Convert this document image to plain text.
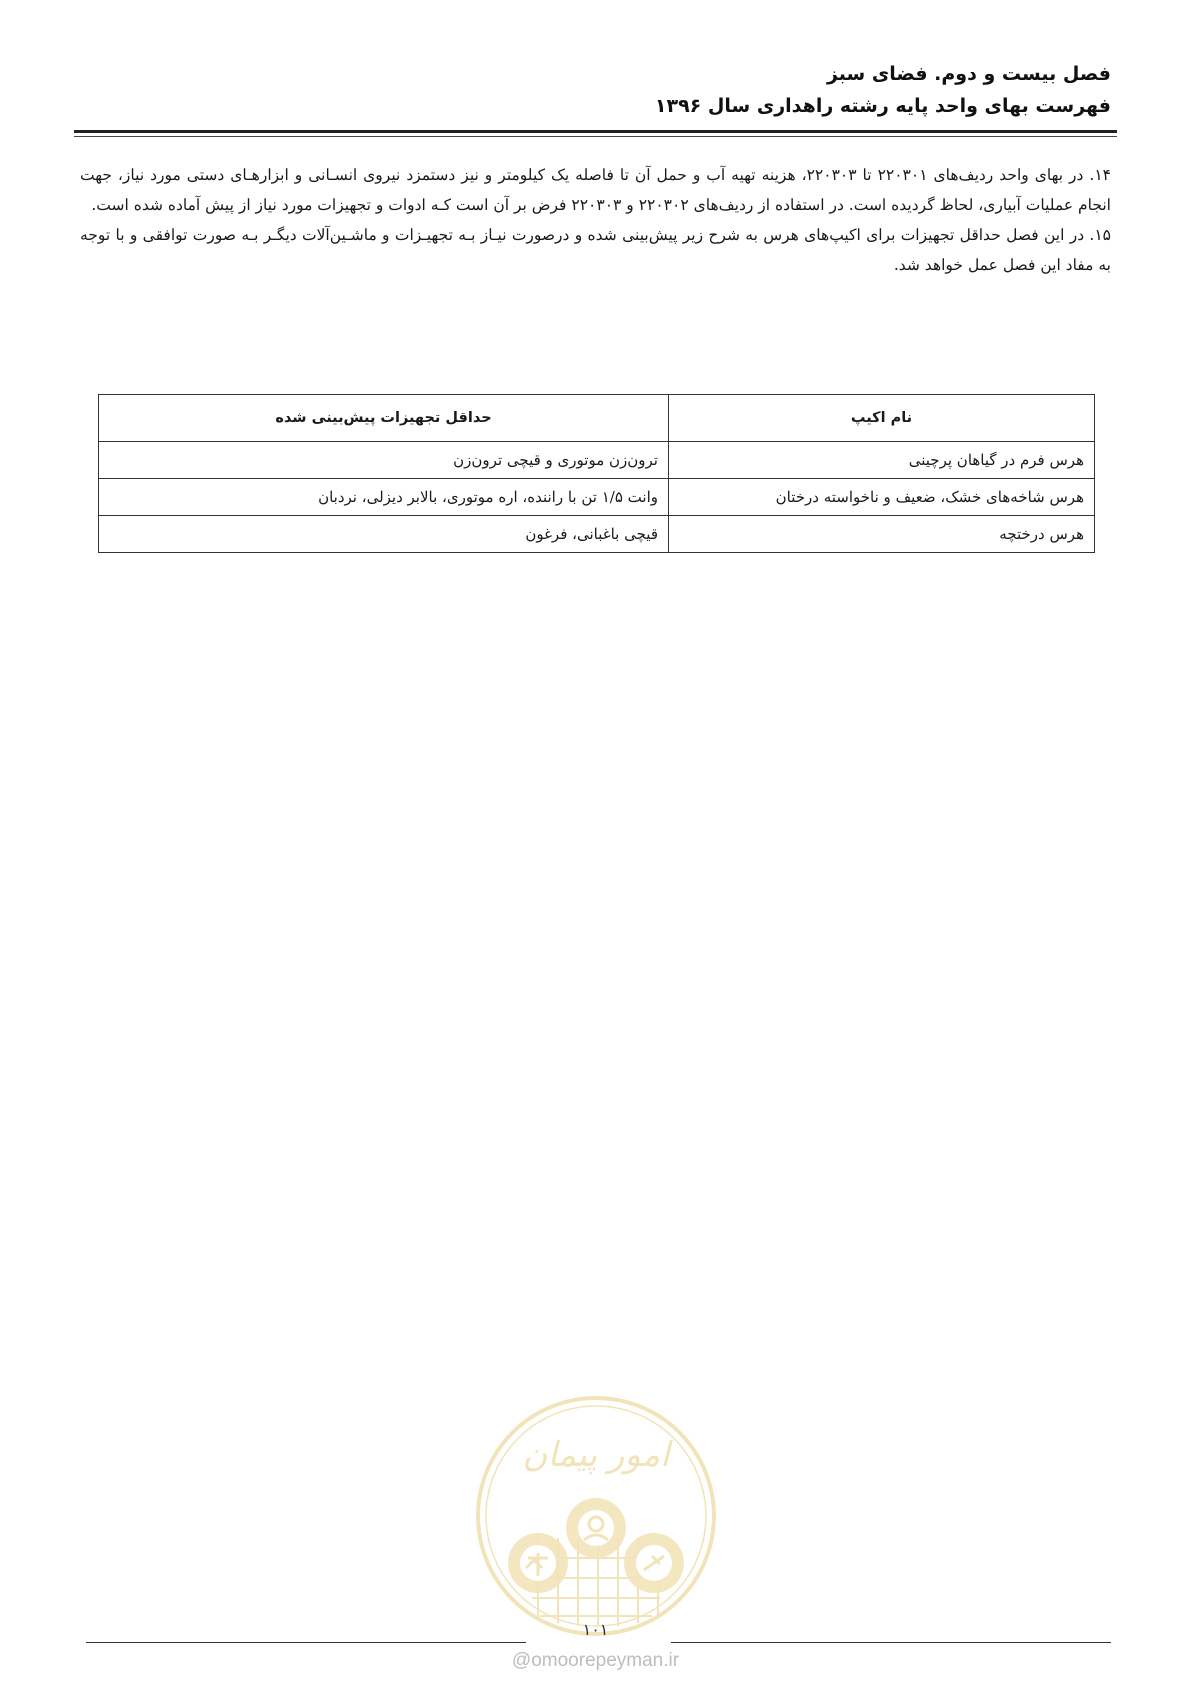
فصل بیست و دوم. فضای سبز
فهرست بهای واحد پایه رشته راهداری سال ۱۳۹۶

۱۴. در بهای واحد ردیف‌های ۲۲۰۳۰۱ تا ۲۲۰۳۰۳، هزینه تهیه آب و حمل آن تا فاصله یک کیلومتر و نیز دستمزد نیروی انسـانی و ابزارهـای دستی مورد نیاز، جهت انجام عملیات آبیاری، لحاظ گردیده است. در استفاده از ردیف‌های ۲۲۰۳۰۲ و ۲۲۰۳۰۳ فرض بر آن است کـه ادوات و تجهیزات مورد نیاز از پیش آماده شده است.

۱۵. در این فصل حداقل تجهیزات برای اکیپ‌های هرس به شرح زیر پیش‌بینی شده و درصورت نیـاز بـه تجهیـزات و ماشـین‌آلات دیگـر بـه صورت توافقی و با توجه به مفاد این فصل عمل خواهد شد.

نام اکیپ	حداقل تجهیزات پیش‌بینی شده
هرس فرم در گیاهان پرچینی	ترون‌زن موتوری و قیچی ترون‌زن
هرس شاخه‌های خشک، ضعیف و ناخواسته درختان	وانت ۱/۵ تن با راننده، اره موتوری، بالابر دیزلی، نردبان
هرس درختچه	قیچی باغبانی، فرغون
امور پیمان
۱۰۱
@omoorepeyman.ir
